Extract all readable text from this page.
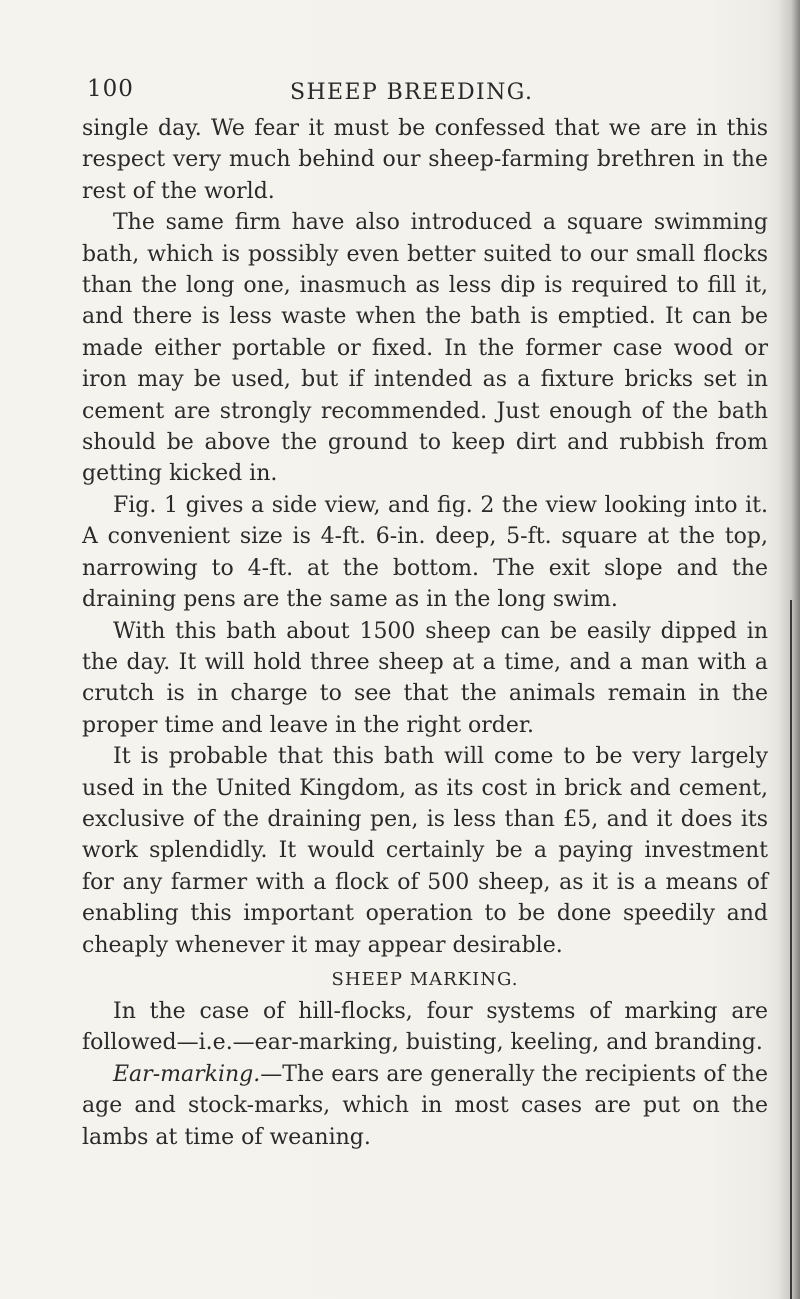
100	SHEEP BREEDING.

single day. We fear it must be confessed that we are in this respect very much behind our sheep-farming brethren in the rest of the world.

The same firm have also introduced a square swimming bath, which is possibly even better suited to our small flocks than the long one, inasmuch as less dip is required to fill it, and there is less waste when the bath is emptied. It can be made either portable or fixed. In the former case wood or iron may be used, but if intended as a fixture bricks set in cement are strongly recommended. Just enough of the bath should be above the ground to keep dirt and rubbish from getting kicked in.

Fig. 1 gives a side view, and fig. 2 the view looking into it. A convenient size is 4-ft. 6-in. deep, 5-ft. square at the top, narrowing to 4-ft. at the bottom. The exit slope and the draining pens are the same as in the long swim.

With this bath about 1500 sheep can be easily dipped in the day. It will hold three sheep at a time, and a man with a crutch is in charge to see that the animals remain in the proper time and leave in the right order.

It is probable that this bath will come to be very largely used in the United Kingdom, as its cost in brick and cement, exclusive of the draining pen, is less than £5, and it does its work splendidly. It would certainly be a paying investment for any farmer with a flock of 500 sheep, as it is a means of enabling this important operation to be done speedily and cheaply whenever it may appear desirable.

SHEEP MARKING.

In the case of hill-flocks, four systems of marking are followed—i.e.—ear-marking, buisting, keeling, and branding.

Ear-marking.—The ears are generally the recipients of the age and stock-marks, which in most cases are put on the lambs at time of weaning.
